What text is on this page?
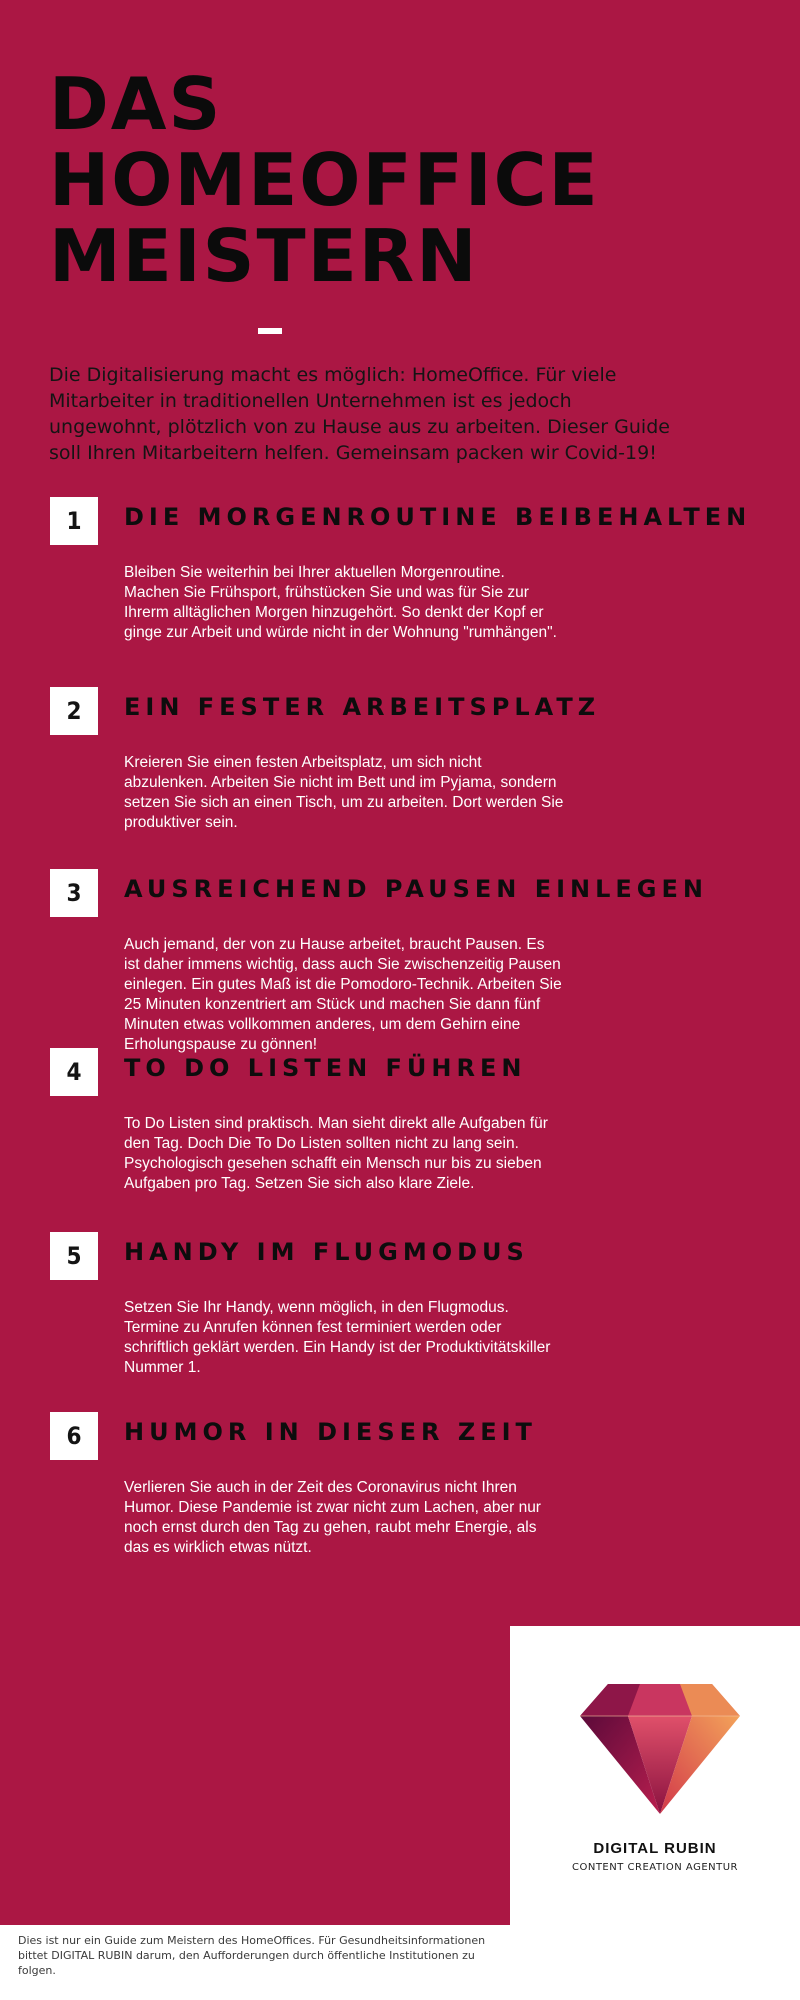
DAS
HOMEOFFICE
MEISTERN

Die Digitalisierung macht es möglich: HomeOffice. Für viele Mitarbeiter in traditionellen Unternehmen ist es jedoch ungewohnt, plötzlich von zu Hause aus zu arbeiten. Dieser Guide soll Ihren Mitarbeitern helfen. Gemeinsam packen wir Covid-19!

1	DIE MORGENROUTINE BEIBEHALTEN

Bleiben Sie weiterhin bei Ihrer aktuellen Morgenroutine. Machen Sie Frühsport, frühstücken Sie und was für Sie zur Ihrerm alltäglichen Morgen hinzugehört. So denkt der Kopf er ginge zur Arbeit und würde nicht in der Wohnung "rumhängen".

2	EIN FESTER ARBEITSPLATZ

Kreieren Sie einen festen Arbeitsplatz, um sich nicht abzulenken. Arbeiten Sie nicht im Bett und im Pyjama, sondern setzen Sie sich an einen Tisch, um zu arbeiten. Dort werden Sie produktiver sein.

3	AUSREICHEND PAUSEN EINLEGEN

Auch jemand, der von zu Hause arbeitet, braucht Pausen. Es ist daher immens wichtig, dass auch Sie zwischenzeitig Pausen einlegen. Ein gutes Maß ist die Pomodoro-Technik. Arbeiten Sie 25 Minuten konzentriert am Stück und machen Sie dann fünf Minuten etwas vollkommen anderes, um dem Gehirn eine Erholungspause zu gönnen!

4	TO DO LISTEN FÜHREN

To Do Listen sind praktisch. Man sieht direkt alle Aufgaben für den Tag. Doch Die To Do Listen sollten nicht zu lang sein. Psychologisch gesehen schafft ein Mensch nur bis zu sieben Aufgaben pro Tag. Setzen Sie sich also klare Ziele.

5	HANDY IM FLUGMODUS

Setzen Sie Ihr Handy, wenn möglich, in den Flugmodus. Termine zu Anrufen können fest terminiert werden oder schriftlich geklärt werden. Ein Handy ist der Produktivitätskiller Nummer 1.

6	HUMOR IN DIESER ZEIT

Verlieren Sie auch in der Zeit des Coronavirus nicht Ihren Humor. Diese Pandemie ist zwar nicht zum Lachen, aber nur noch ernst durch den Tag zu gehen, raubt mehr Energie, als das es wirklich etwas nützt.

DIGITAL RUBIN
CONTENT CREATION AGENTUR

Dies ist nur ein Guide zum Meistern des HomeOffices. Für Gesundheitsinformationen bittet DIGITAL RUBIN darum, den Aufforderungen durch öffentliche Institutionen zu folgen.
